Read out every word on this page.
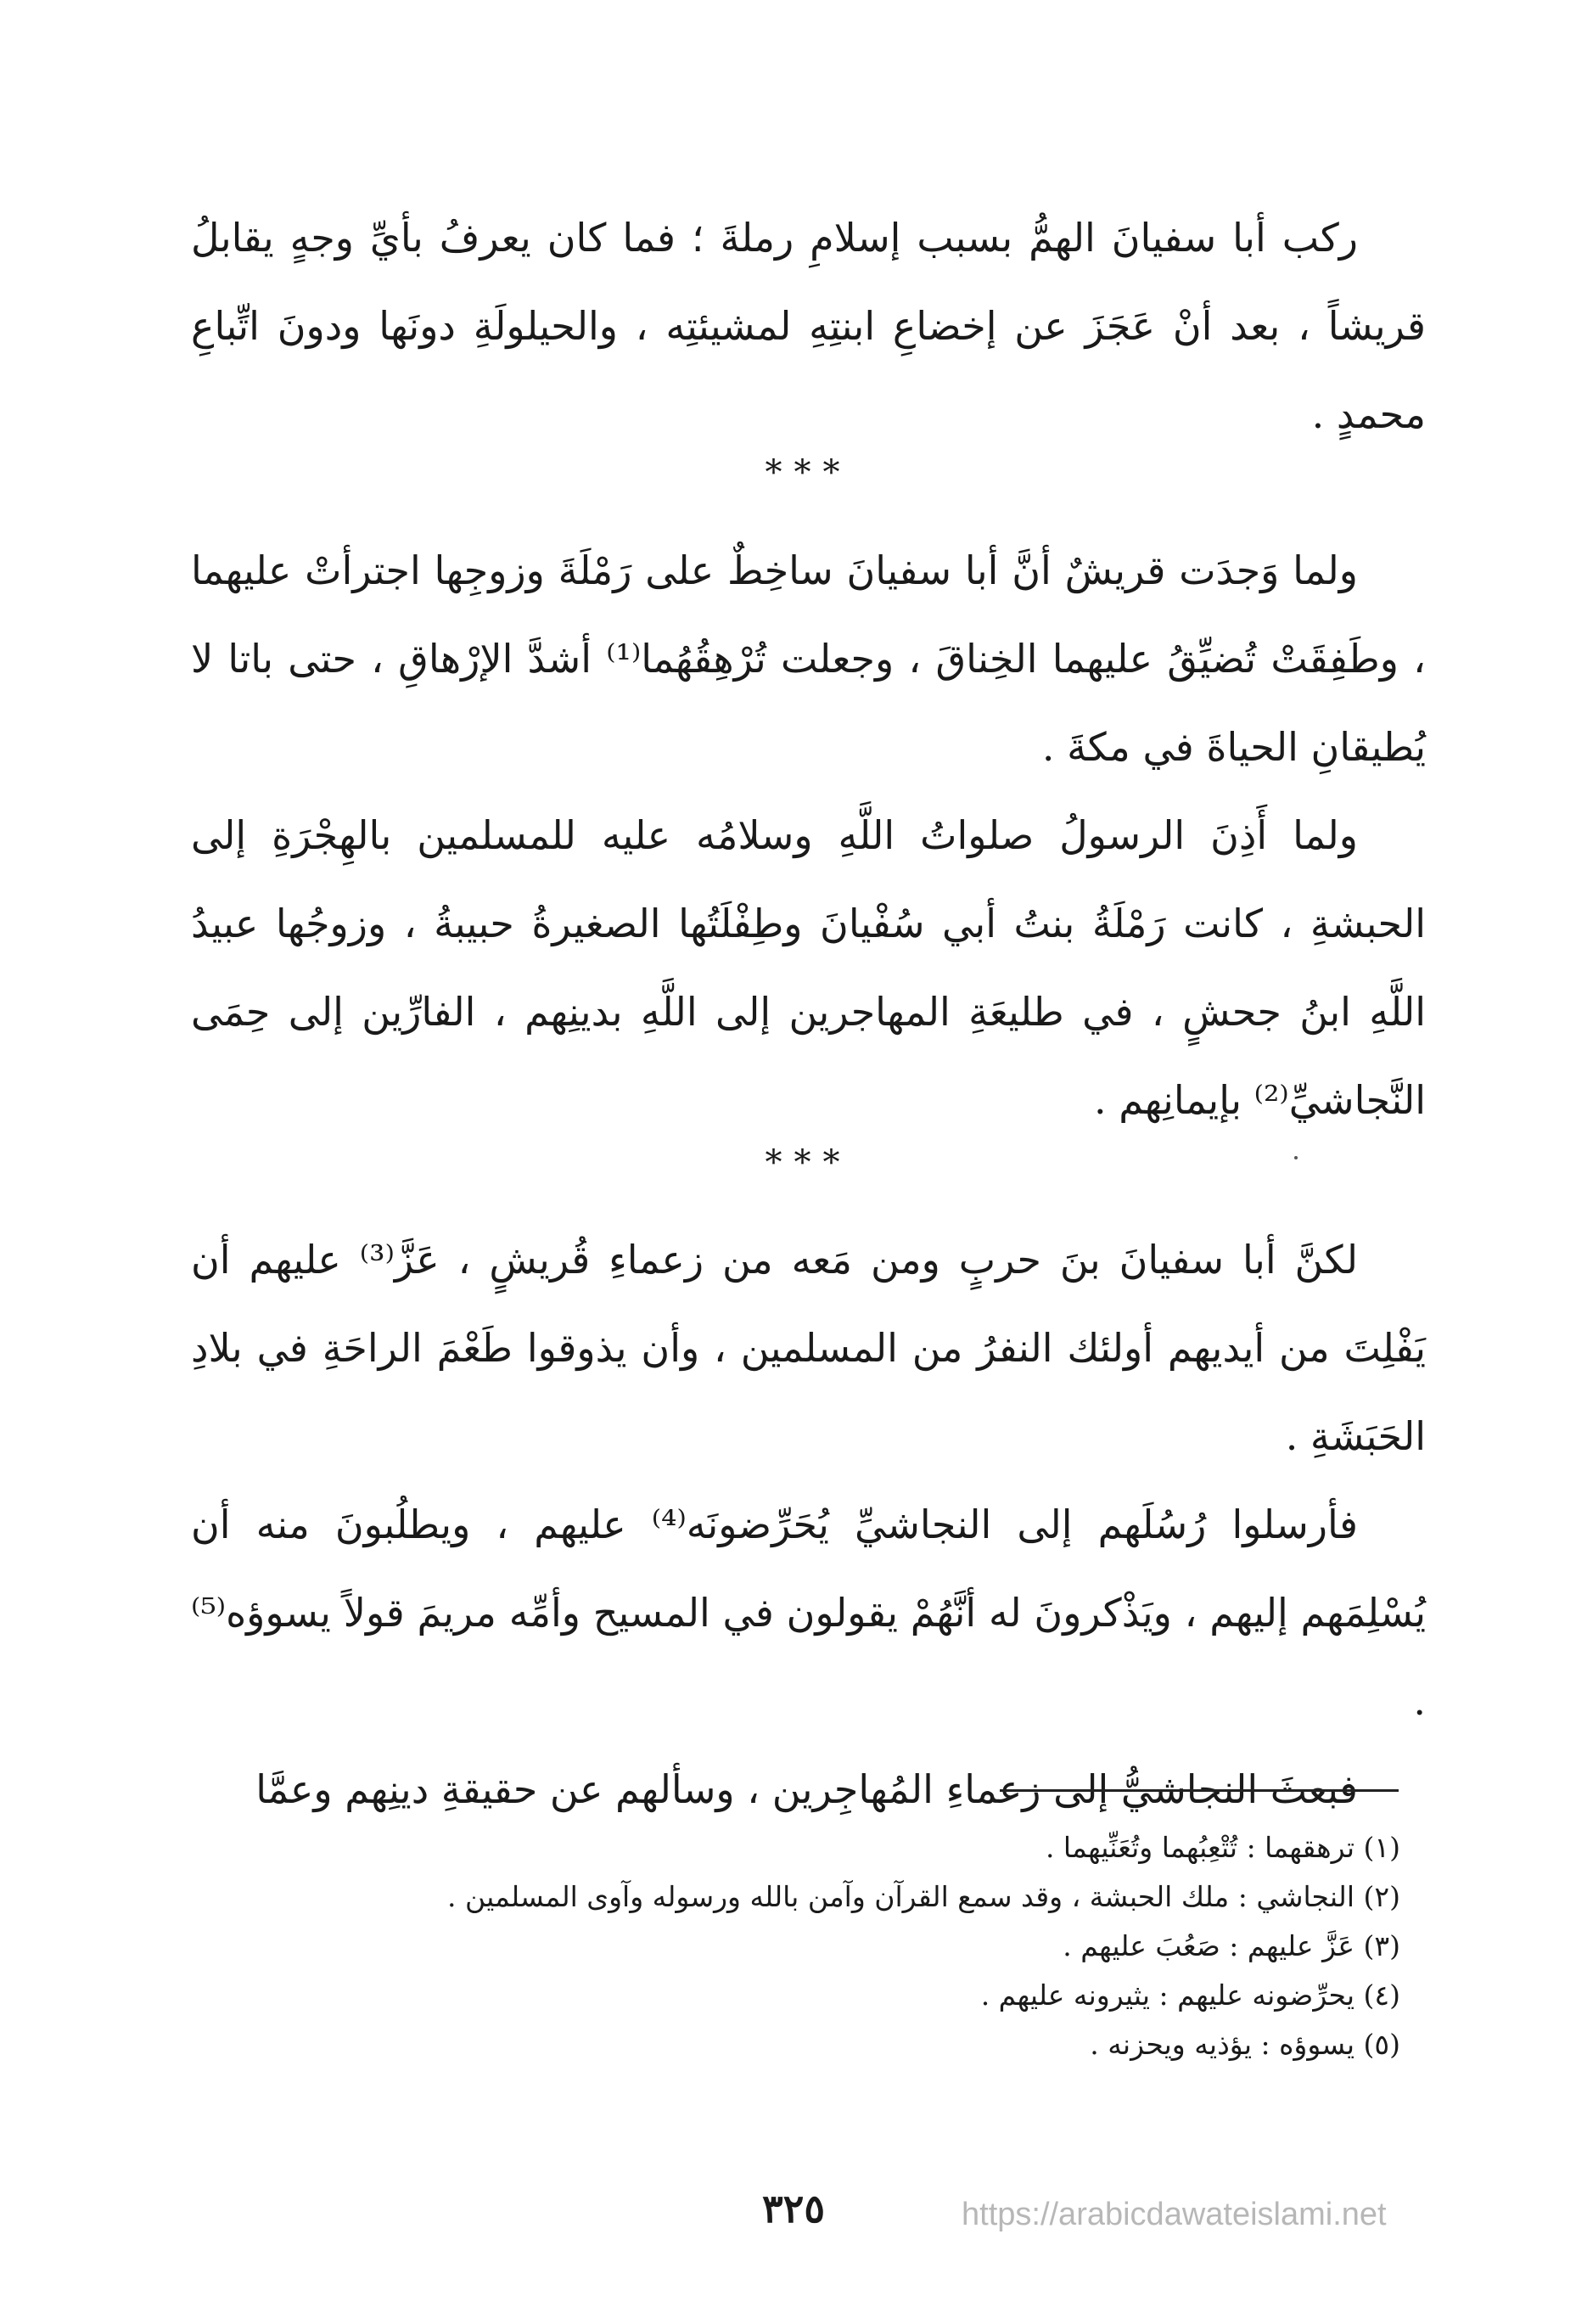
ركب أبا سفيانَ الهمُّ بسبب إسلامِ رملةَ ؛ فما كان يعرفُ بأيِّ وجهٍ يقابلُ قريشاً ، بعد أنْ عَجَزَ عن إخضاعِ ابنتِهِ لمشيئتِه ، والحيلولَةِ دونَها ودونَ اتِّباعِ محمدٍ .

***

ولما وَجدَت قريشٌ أنَّ أبا سفيانَ ساخِطٌ على رَمْلَةَ وزوجِها اجترأتْ عليهما ، وطَفِقَتْ تُضيِّقُ عليهما الخِناقَ ، وجعلت تُرْهِقُهُما⁽¹⁾ أشدَّ الإرْهاقِ ، حتى باتا لا يُطيقانِ الحياةَ في مكةَ .

ولما أَذِنَ الرسولُ صلواتُ اللَّهِ وسلامُه عليه للمسلمين بالهِجْرَةِ إلى الحبشةِ ، كانت رَمْلَةُ بنتُ أبي سُفْيانَ وطِفْلَتُها الصغيرةُ حبيبةُ ، وزوجُها عبيدُ اللَّهِ ابنُ جحشٍ ، في طليعَةِ المهاجرين إلى اللَّهِ بدينِهم ، الفارِّين إلى حِمَى النَّجاشيِّ⁽²⁾ بإيمانِهم .

***

لكنَّ أبا سفيانَ بنَ حربٍ ومن مَعه من زعماءِ قُريشٍ ، عَزَّ⁽³⁾ عليهم أن يَفْلِتَ من أيديهم أولئك النفرُ من المسلمين ، وأن يذوقوا طَعْمَ الراحَةِ في بلادِ الحَبَشَةِ .

فأرسلوا رُسُلَهم إلى النجاشيِّ يُحَرِّضونَه⁽⁴⁾ عليهم ، ويطلُبونَ منه أن يُسْلِمَهم إليهم ، ويَذْكرونَ له أنَّهُمْ يقولون في المسيح وأمِّه مريمَ قولاً يسوؤه⁽⁵⁾ .

فبعثَ النجاشيُّ إلى زعماءِ المُهاجِرين ، وسألهم عن حقيقةِ دينِهم وعمَّا

(١) ترهقهما : تُتْعِبُهما وتُعَنِّيهما .

(٢) النجاشي : ملك الحبشة ، وقد سمع القرآن وآمن بالله ورسوله وآوى المسلمين .

(٣) عَزَّ عليهم : صَعُبَ عليهم .

(٤) يحرِّضونه عليهم : يثيرونه عليهم .

(٥) يسوؤه : يؤذيه ويحزنه .

٣٢٥	https://arabicdawateislami.net
